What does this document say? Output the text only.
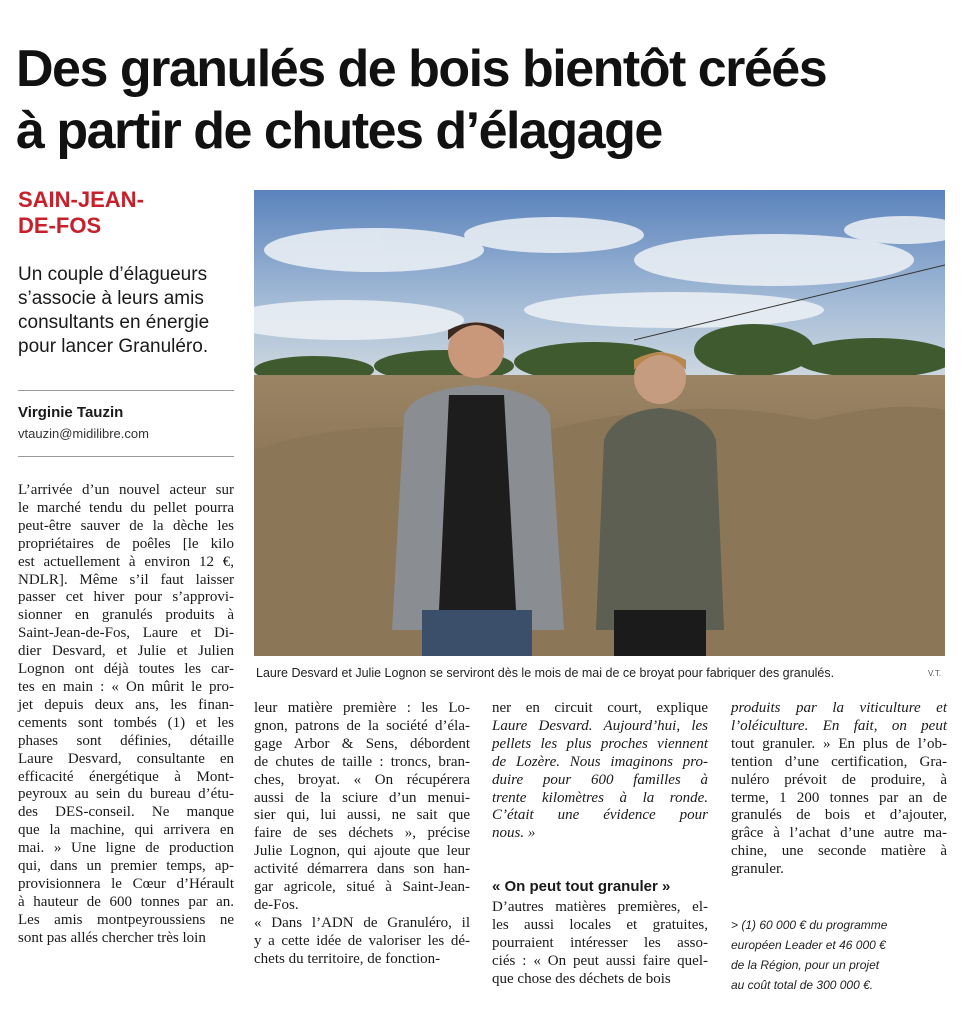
Des granulés de bois bientôt créés
à partir de chutes d’élagage
SAIN-JEAN-
DE-FOS
Un couple d’élagueurs
s’associe à leurs amis
consultants en énergie
pour lancer Granuléro.
Virginie Tauzin
vtauzin@midilibre.com
L’arrivée d’un nouvel acteur sur
le marché tendu du pellet pourra
peut-être sauver de la dèche les
propriétaires de poêles [le kilo
est actuellement à environ 12 €,
NDLR]. Même s’il faut laisser
passer cet hiver pour s’approvi-
sionner en granulés produits à
Saint-Jean-de-Fos, Laure et Di-
dier Desvard, et Julie et Julien
Lognon ont déjà toutes les car-
tes en main : « On mûrit le pro-
jet depuis deux ans, les finan-
cements sont tombés (1) et les
phases sont définies, détaille
Laure Desvard, consultante en
efficacité énergétique à Mont-
peyroux au sein du bureau d’étu-
des DES-conseil. Ne manque
que la machine, qui arrivera en
mai. » Une ligne de production
qui, dans un premier temps, ap-
provisionnera le Cœur d’Hérault
à hauteur de 600 tonnes par an.
Les amis montpeyroussiens ne
sont pas allés chercher très loin
Laure Desvard et Julie Lognon se serviront dès le mois de mai de ce broyat pour fabriquer des granulés.	V.T.
leur matière première : les Lo-
gnon, patrons de la société d’éla-
gage Arbor & Sens, débordent
de chutes de taille : troncs, bran-
ches, broyat. « On récupérera
aussi de la sciure d’un menui-
sier qui, lui aussi, ne sait que
faire de ses déchets », précise
Julie Lognon, qui ajoute que leur
activité démarrera dans son han-
gar agricole, situé à Saint-Jean-
de-Fos.
« Dans l’ADN de Granuléro, il
y a cette idée de valoriser les dé-
chets du territoire, de fonction-
ner en circuit court, explique
Laure Desvard. Aujourd’hui, les
pellets les plus proches viennent
de Lozère. Nous imaginons pro-
duire pour 600 familles à
trente kilomètres à la ronde.
C’était une évidence pour
nous. »
« On peut tout granuler »
D’autres matières premières, el-
les aussi locales et gratuites,
pourraient intéresser les asso-
ciés : « On peut aussi faire quel-
que chose des déchets de bois
produits par la viticulture et
l’oléiculture. En fait, on peut
tout granuler. » En plus de l’ob-
tention d’une certification, Gra-
nuléro prévoit de produire, à
terme, 1 200 tonnes par an de
granulés de bois et d’ajouter,
grâce à l’achat d’une autre ma-
chine, une seconde matière à
granuler.
> (1) 60 000 € du programme
européen Leader et 46 000 €
de la Région, pour un projet
au coût total de 300 000 €.
